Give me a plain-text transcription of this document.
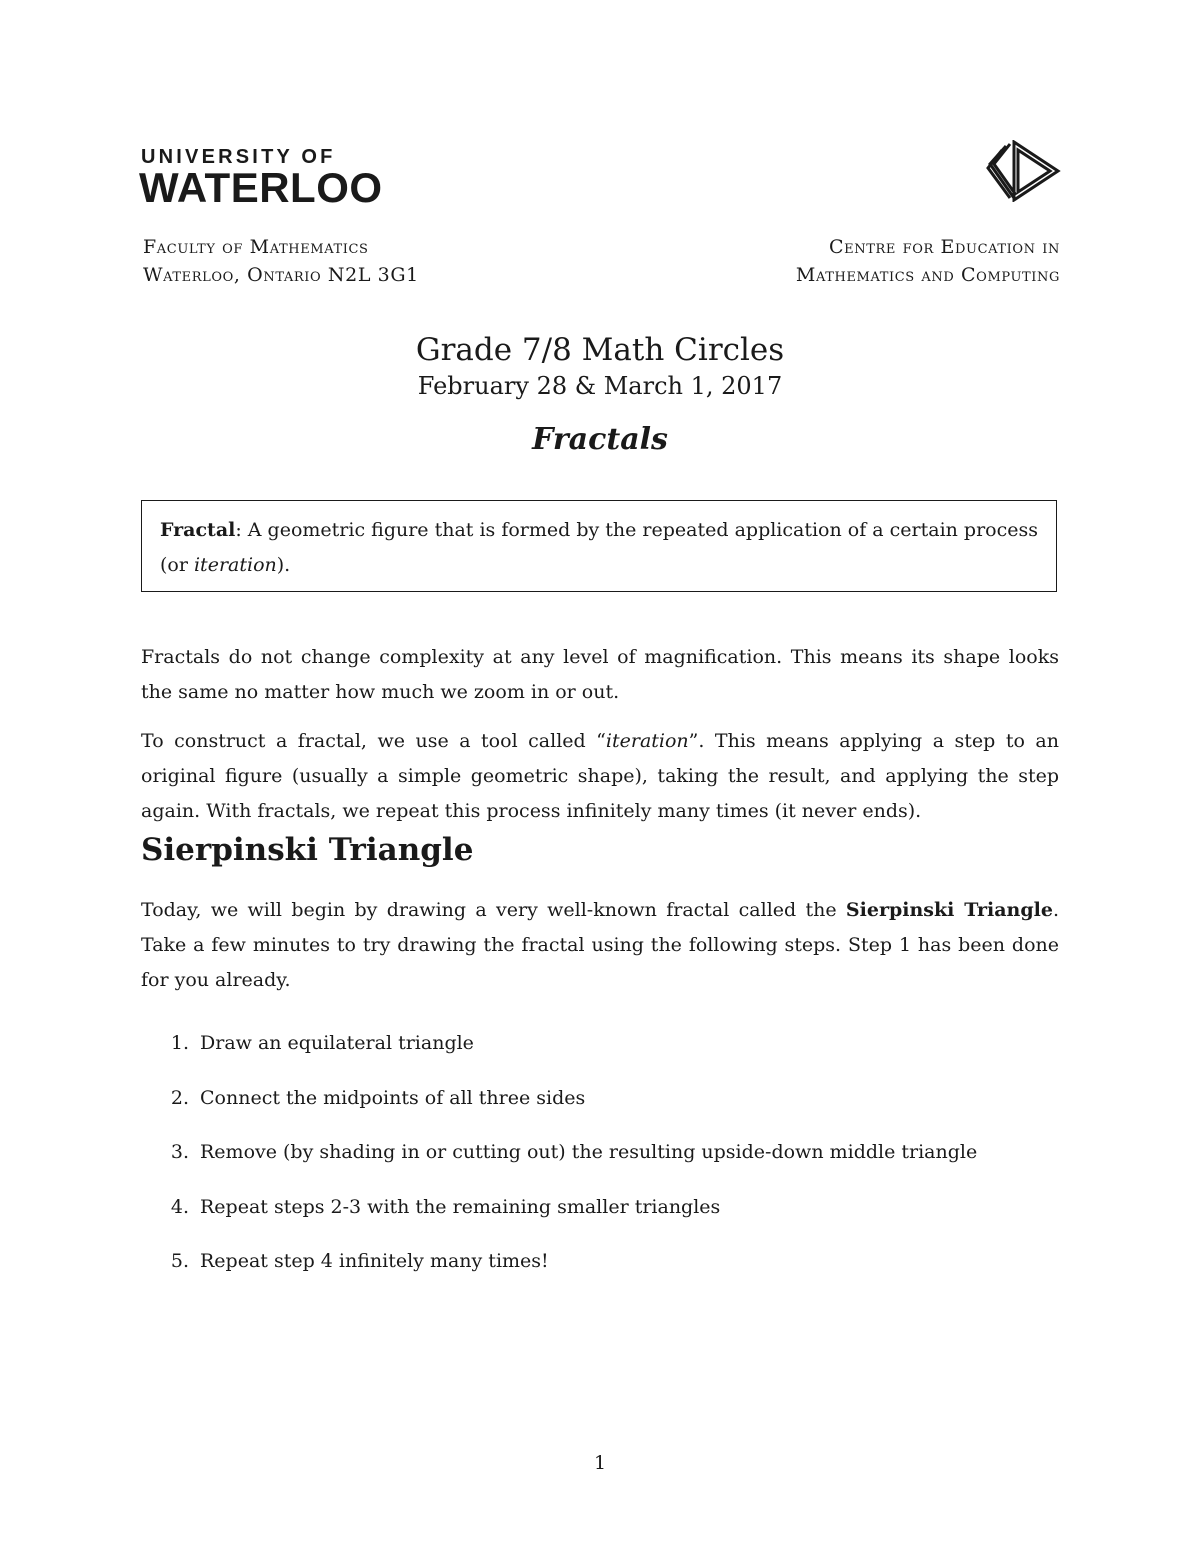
UNIVERSITY OF
WATERLOO
Faculty of Mathematics
Waterloo, Ontario N2L 3G1
Centre for Education in
Mathematics and Computing
Grade 7/8 Math Circles
February 28 & March 1, 2017
Fractals
Fractal: A geometric figure that is formed by the repeated application of a certain process (or iteration).
Fractals do not change complexity at any level of magnification. This means its shape looks the same no matter how much we zoom in or out.
To construct a fractal, we use a tool called “iteration”. This means applying a step to an original figure (usually a simple geometric shape), taking the result, and applying the step again. With fractals, we repeat this process infinitely many times (it never ends).
Sierpinski Triangle
Today, we will begin by drawing a very well-known fractal called the Sierpinski Triangle. Take a few minutes to try drawing the fractal using the following steps. Step 1 has been done for you already.
1. Draw an equilateral triangle
2. Connect the midpoints of all three sides
3. Remove (by shading in or cutting out) the resulting upside-down middle triangle
4. Repeat steps 2-3 with the remaining smaller triangles
5. Repeat step 4 infinitely many times!
1
